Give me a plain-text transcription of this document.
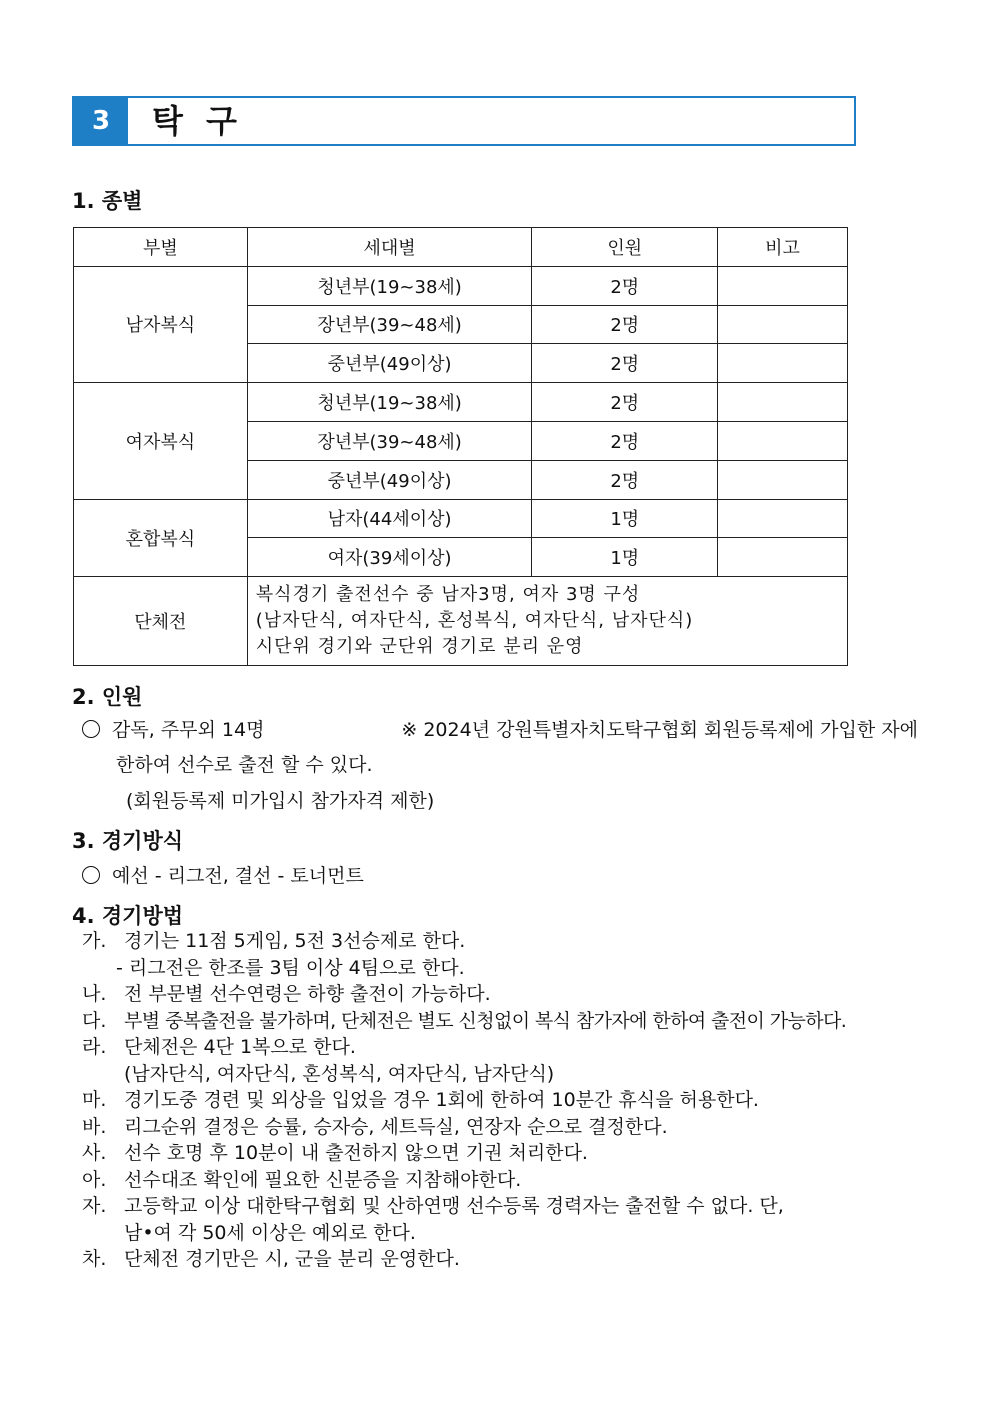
3	탁 구
1. 종별
부별	세대별	인원	비고
남자복식	청년부(19~38세)	2명	
	장년부(39~48세)	2명	
	중년부(49이상)	2명	
여자복식	청년부(19~38세)	2명	
	장년부(39~48세)	2명	
	중년부(49이상)	2명	
혼합복식	남자(44세이상)	1명	
	여자(39세이상)	1명	
단체전	복식경기 출전선수 중 남자3명, 여자 3명 구성
(남자단식, 여자단식, 혼성복식, 여자단식, 남자단식)
시단위 경기와 군단위 경기로 분리 운영		
2. 인원
감독, 주무외 14명	※ 2024년 강원특별자치도탁구협회 회원등록제에 가입한 자에
한하여 선수로 출전 할 수 있다.
(회원등록제 미가입시 참가자격 제한)
3. 경기방식
예선 - 리그전, 결선 - 토너먼트
4. 경기방법
가. 경기는 11점 5게임, 5전 3선승제로 한다.
- 리그전은 한조를 3팀 이상 4팀으로 한다.
나. 전 부문별 선수연령은 하향 출전이 가능하다.
다. 부별 중복출전을 불가하며, 단체전은 별도 신청없이 복식 참가자에 한하여 출전이 가능하다.
라. 단체전은 4단 1복으로 한다.
(남자단식, 여자단식, 혼성복식, 여자단식, 남자단식)
마. 경기도중 경련 및 외상을 입었을 경우 1회에 한하여 10분간 휴식을 허용한다.
바. 리그순위 결정은 승률, 승자승, 세트득실, 연장자 순으로 결정한다.
사. 선수 호명 후 10분이 내 출전하지 않으면 기권 처리한다.
아. 선수대조 확인에 필요한 신분증을 지참해야한다.
자. 고등학교 이상 대한탁구협회 및 산하연맹 선수등록 경력자는 출전할 수 없다. 단,
남•여 각 50세 이상은 예외로 한다.
차. 단체전 경기만은 시, 군을 분리 운영한다.
